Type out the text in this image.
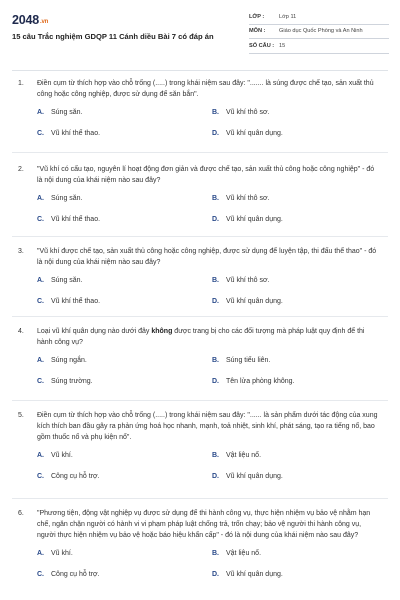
2048.vn
15 câu Trắc nghiệm GDQP 11 Cánh diều Bài 7 có đáp án
LỚP :	Lớp 11
MÔN :	Giáo dục Quốc Phòng và An Ninh
SỐ CÂU : 15
1.	Điền cụm từ thích hợp vào chỗ trống (.....) trong khái niệm sau đây: "....... là súng được chế tạo, sản xuất thủ công hoặc công nghiệp, được sử dụng để săn bắn".
A.	Súng săn.	B.	Vũ khí thô sơ.
C.	Vũ khí thể thao.	D.	Vũ khí quân dụng.
2.	"Vũ khí có cấu tạo, nguyên lí hoạt động đơn giản và được chế tạo, sản xuất thủ công hoặc công nghiệp" - đó là nội dung của khái niệm nào sau đây?
A.	Súng săn.	B.	Vũ khí thô sơ.
C.	Vũ khí thể thao.	D.	Vũ khí quân dụng.
3.	"Vũ khí được chế tạo, sản xuất thủ công hoặc công nghiệp, được sử dụng để luyện tập, thi đấu thể thao" - đó là nội dung của khái niệm nào sau đây?
A.	Súng săn.	B.	Vũ khí thô sơ.
C.	Vũ khí thể thao.	D.	Vũ khí quân dụng.
4.	Loại vũ khí quân dụng nào dưới đây không được trang bị cho các đối tượng mà pháp luật quy định để thi hành công vụ?
A.	Súng ngắn.	B.	Súng tiểu liên.
C.	Súng trường.	D.	Tên lửa phòng không.
5.	Điền cụm từ thích hợp vào chỗ trống (.....) trong khái niệm sau đây: "...... là sản phẩm dưới tác động của xung kích thích ban đầu gây ra phản ứng hoá học nhanh, mạnh, toả nhiệt, sinh khí, phát sáng, tạo ra tiếng nổ, bao gồm thuốc nổ và phụ kiện nổ".
A.	Vũ khí.	B.	Vật liệu nổ.
C.	Công cụ hỗ trợ.	D.	Vũ khí quân dụng.
6.	"Phương tiện, động vật nghiệp vụ được sử dụng để thi hành công vụ, thực hiện nhiệm vụ bảo vệ nhằm hạn chế, ngăn chặn người có hành vi vi phạm pháp luật chống trả, trốn chạy; bảo vệ người thi hành công vụ, người thực hiện nhiệm vụ bảo vệ hoặc báo hiệu khẩn cấp" - đó là nội dung của khái niệm nào sau đây?
A.	Vũ khí.	B.	Vật liệu nổ.
C.	Công cụ hỗ trợ.	D.	Vũ khí quân dụng.
